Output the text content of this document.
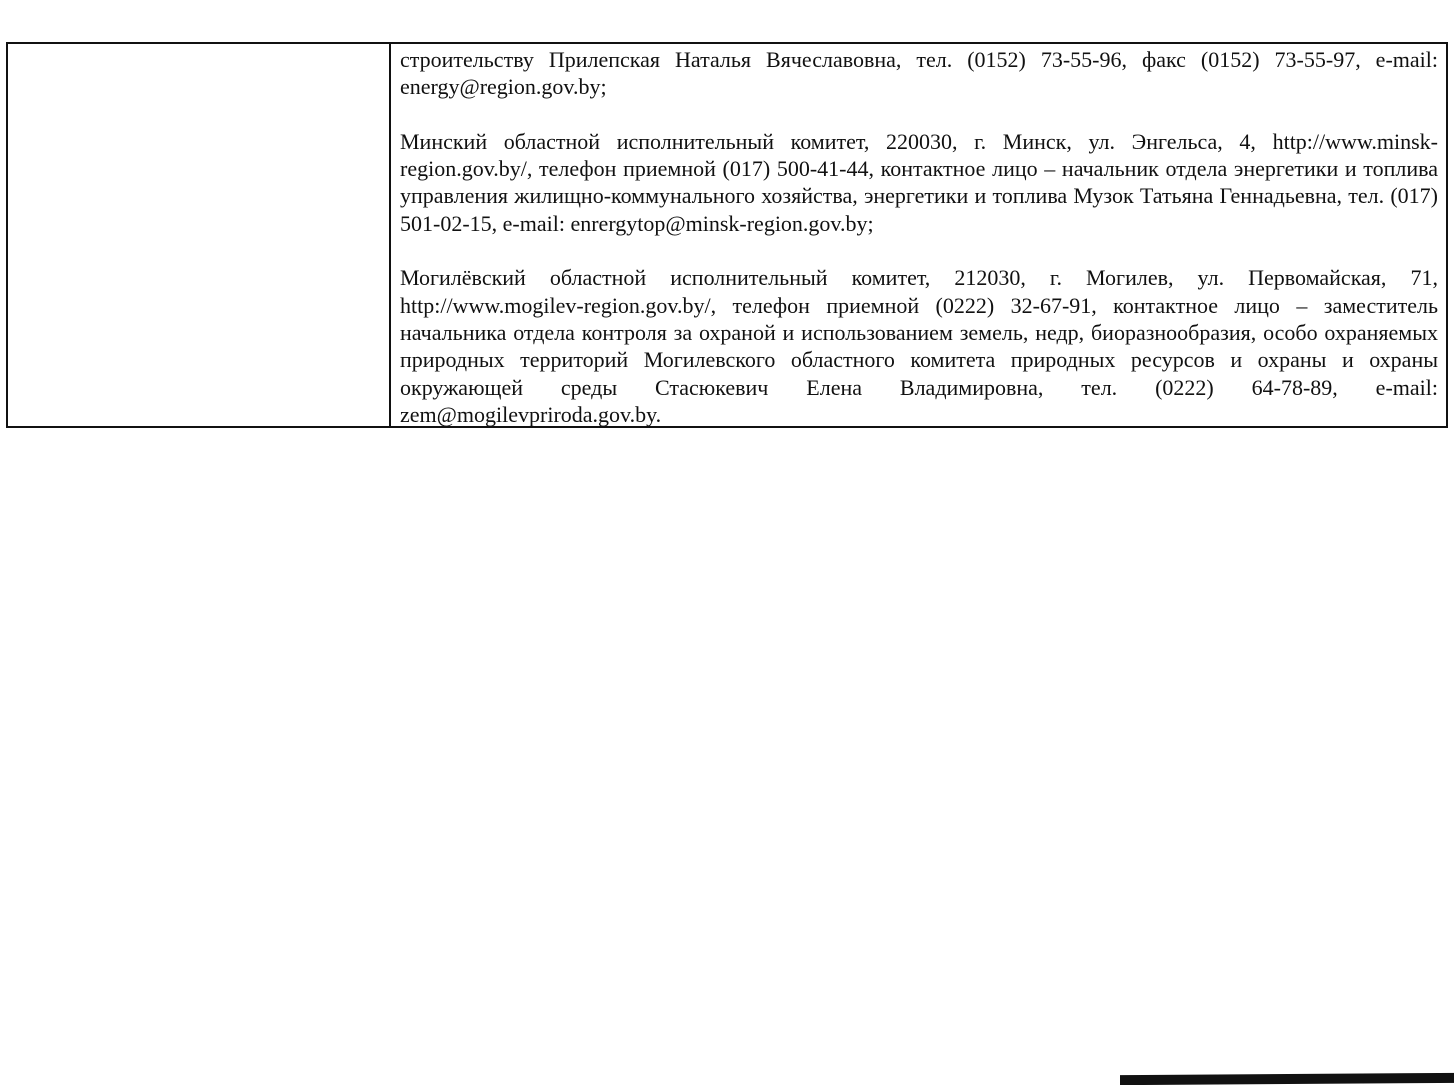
строительству Прилепская Наталья Вячеславовна, тел. (0152) 73-55-96, факс (0152) 73-55-97, e-mail: energy@region.gov.by;

Минский областной исполнительный комитет, 220030, г. Минск, ул. Энгельса, 4, http://www.minsk-region.gov.by/, телефон приемной (017) 500-41-44, контактное лицо – начальник отдела энергетики и топлива управления жилищно-коммунального хозяйства, энергетики и топлива Музок Татьяна Геннадьевна, тел. (017) 501-02-15, e-mail: enrergytop@minsk-region.gov.by;

Могилёвский областной исполнительный комитет, 212030, г. Могилев, ул. Первомайская, 71, http://www.mogilev-region.gov.by/, телефон приемной (0222) 32-67-91, контактное лицо – заместитель начальника отдела контроля за охраной и использованием земель, недр, биоразнообразия, особо охраняемых природных территорий Могилевского областного комитета природных ресурсов и охраны и охраны окружающей среды Стасюкевич Елена Владимировна, тел. (0222) 64-78-89, e-mail: zem@mogilevpriroda.gov.by.
